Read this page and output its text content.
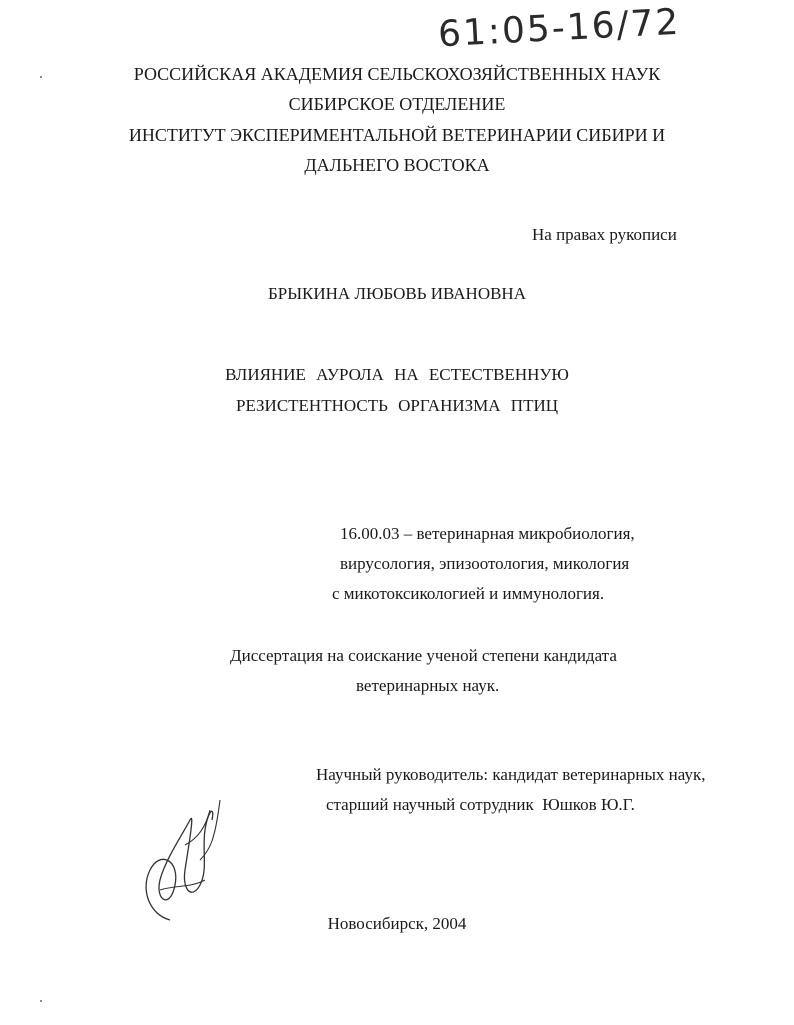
61:05-16/72
РОССИЙСКАЯ АКАДЕМИЯ СЕЛЬСКОХОЗЯЙСТВЕННЫХ НАУК
СИБИРСКОЕ ОТДЕЛЕНИЕ
ИНСТИТУТ ЭКСПЕРИМЕНТАЛЬНОЙ ВЕТЕРИНАРИИ СИБИРИ И
ДАЛЬНЕГО ВОСТОКА
На правах рукописи
БРЫКИНА ЛЮБОВЬ ИВАНОВНА
ВЛИЯНИЕ АУРОЛА НА ЕСТЕСТВЕННУЮ
РЕЗИСТЕНТНОСТЬ ОРГАНИЗМА ПТИЦ
16.00.03 – ветеринарная микробиология,
вирусология, эпизоотология, микология
с микотоксикологией и иммунология.
Диссертация на соискание ученой степени кандидата
ветеринарных наук.
Научный руководитель: кандидат ветеринарных наук,
старший научный сотрудник  Юшков Ю.Г.
Новосибирск, 2004
